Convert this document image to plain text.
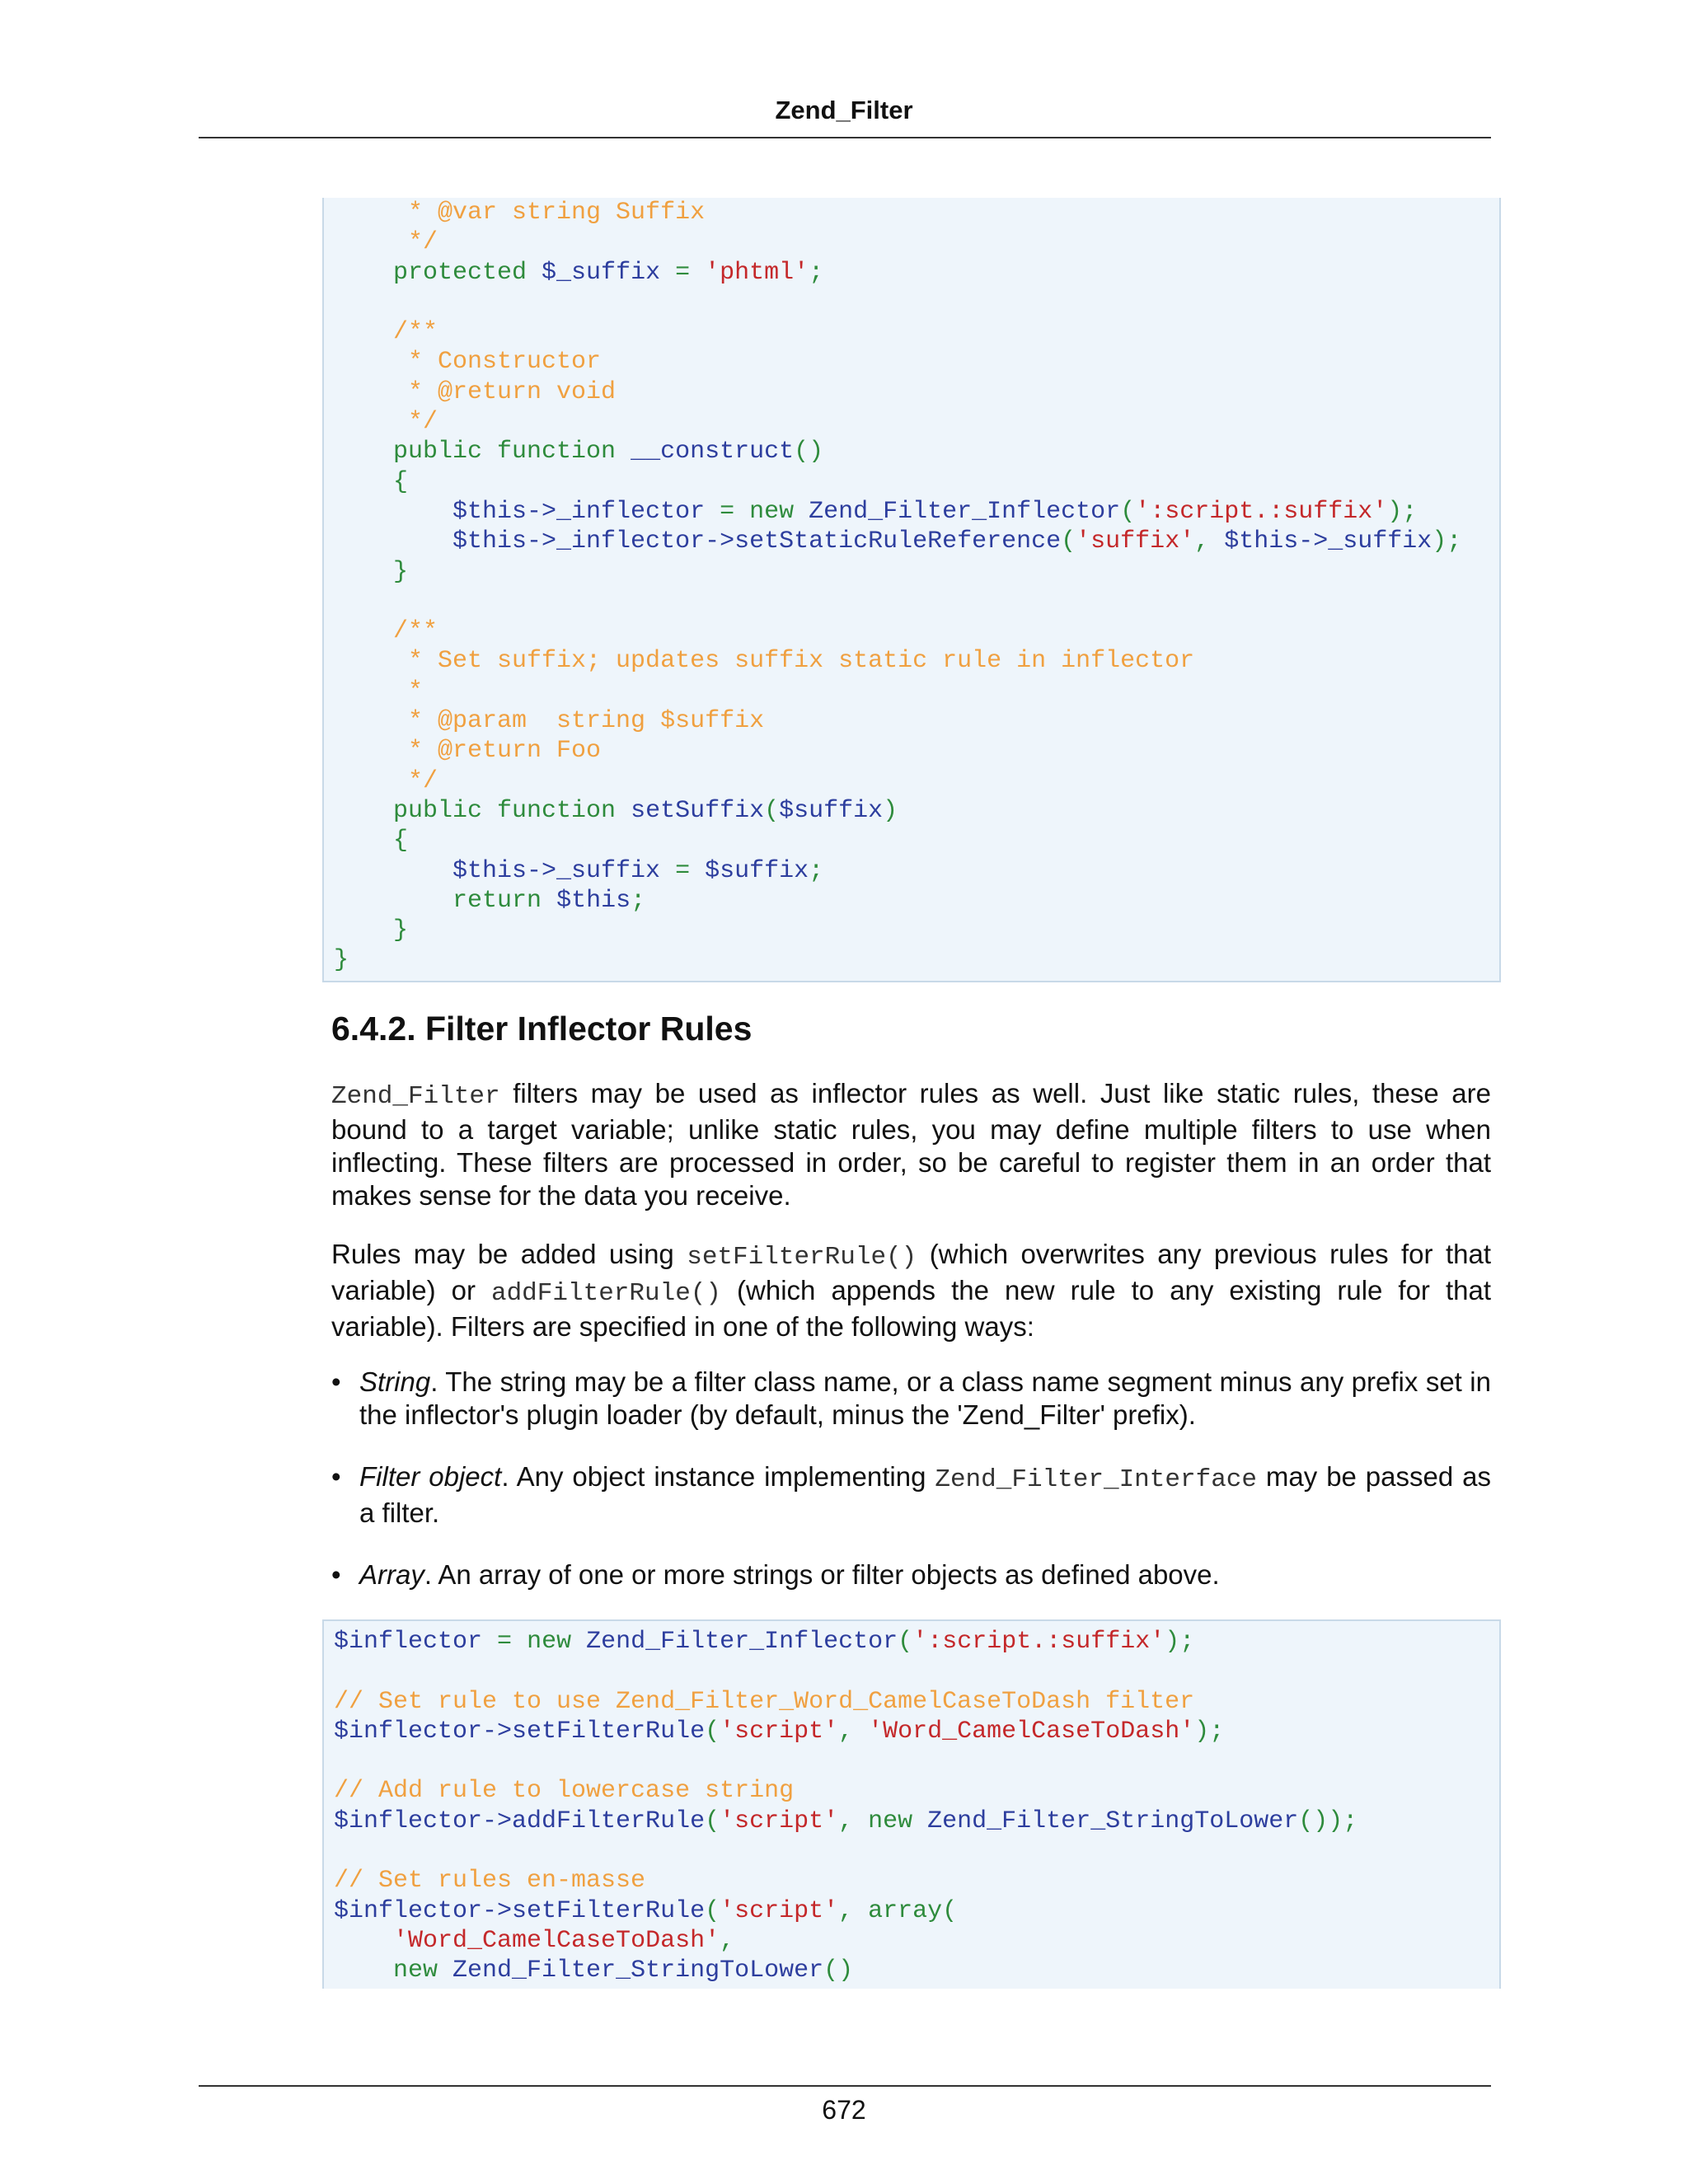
Zend_Filter
* @var string Suffix
*/
protected $_suffix = 'phtml';

/**
* Constructor
* @return void
*/
public function __construct()
{
$this->_inflector = new Zend_Filter_Inflector(':script.:suffix');
$this->_inflector->setStaticRuleReference('suffix', $this->_suffix);
}

/**
* Set suffix; updates suffix static rule in inflector
*
* @param  string $suffix
* @return Foo
*/
public function setSuffix($suffix)
{
$this->_suffix = $suffix;
return $this;
}
}
6.4.2. Filter Inflector Rules

Zend_Filter filters may be used as inflector rules as well. Just like static rules, these are bound to a target variable; unlike static rules, you may define multiple filters to use when inflecting. These filters are processed in order, so be careful to register them in an order that makes sense for the data you receive.

Rules may be added using setFilterRule() (which overwrites any previous rules for that variable) or addFilterRule() (which appends the new rule to any existing rule for that variable). Filters are specified in one of the following ways:

• String. The string may be a filter class name, or a class name segment minus any prefix set in the inflector's plugin loader (by default, minus the 'Zend_Filter' prefix).
• Filter object. Any object instance implementing Zend_Filter_Interface may be passed as a filter.
• Array. An array of one or more strings or filter objects as defined above.
$inflector = new Zend_Filter_Inflector(':script.:suffix');

// Set rule to use Zend_Filter_Word_CamelCaseToDash filter
$inflector->setFilterRule('script', 'Word_CamelCaseToDash');

// Add rule to lowercase string
$inflector->addFilterRule('script', new Zend_Filter_StringToLower());

// Set rules en-masse
$inflector->setFilterRule('script', array(
'Word_CamelCaseToDash',
new Zend_Filter_StringToLower()
672
